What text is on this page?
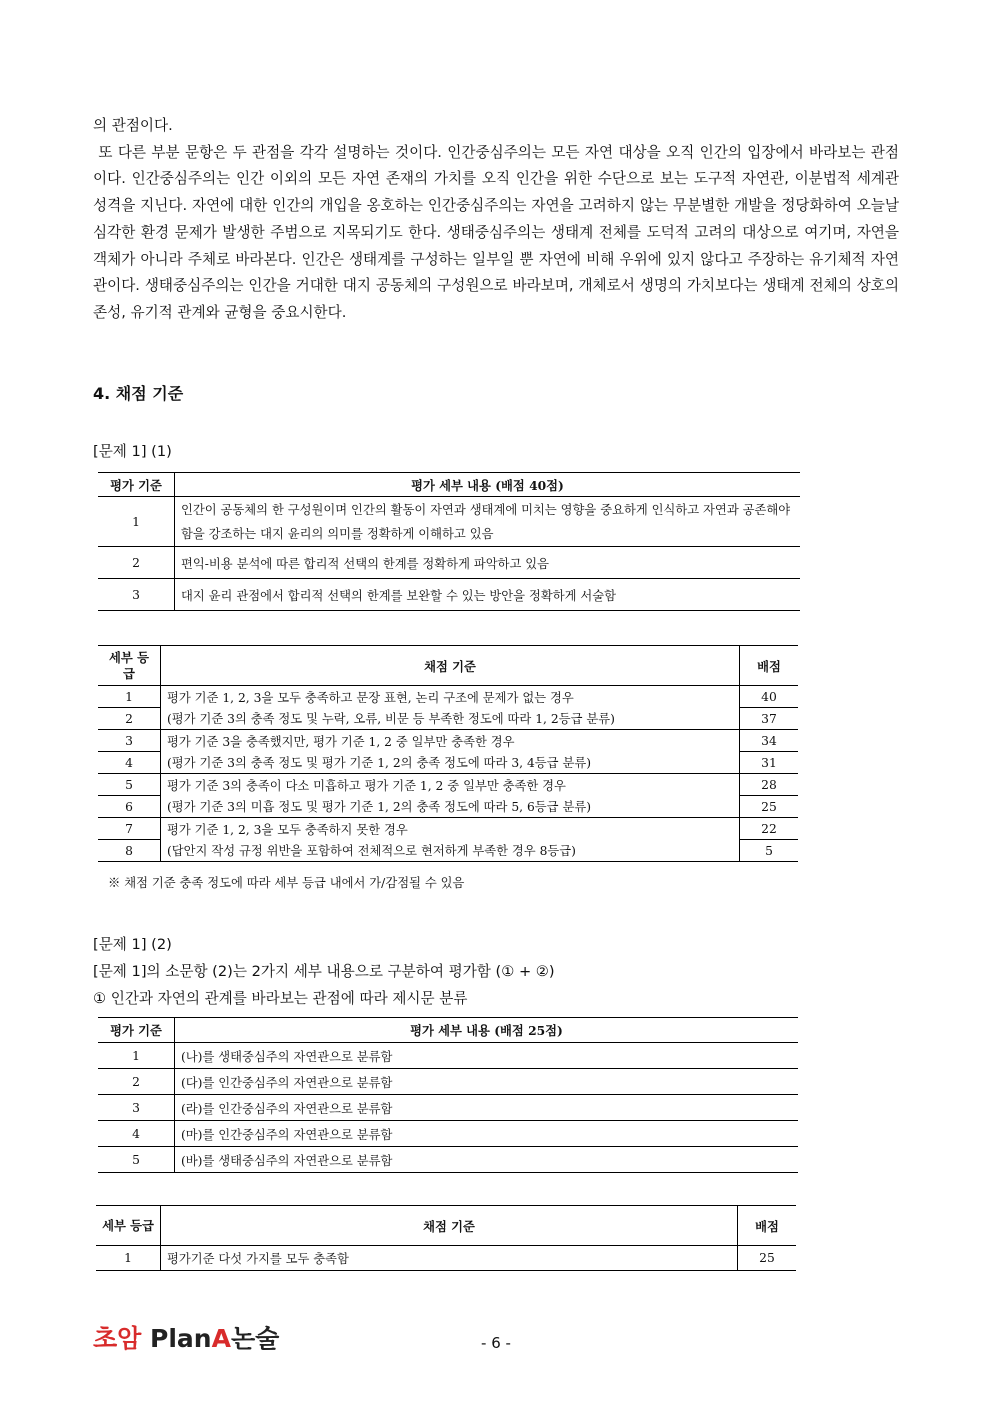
의 관점이다.

또 다른 부분 문항은 두 관점을 각각 설명하는 것이다. 인간중심주의는 모든 자연 대상을 오직 인간의 입장에서 바라보는 관점이다. 인간중심주의는 인간 이외의 모든 자연 존재의 가치를 오직 인간을 위한 수단으로 보는 도구적 자연관, 이분법적 세계관 성격을 지닌다. 자연에 대한 인간의 개입을 옹호하는 인간중심주의는 자연을 고려하지 않는 무분별한 개발을 정당화하여 오늘날 심각한 환경 문제가 발생한 주범으로 지목되기도 한다. 생태중심주의는 생태계 전체를 도덕적 고려의 대상으로 여기며, 자연을 객체가 아니라 주체로 바라본다. 인간은 생태계를 구성하는 일부일 뿐 자연에 비해 우위에 있지 않다고 주장하는 유기체적 자연관이다. 생태중심주의는 인간을 거대한 대지 공동체의 구성원으로 바라보며, 개체로서 생명의 가치보다는 생태계 전체의 상호의존성, 유기적 관계와 균형을 중요시한다.

4. 채점 기준
[문제 1] (1)
평가 기준	평가 세부 내용 (배점 40점)
1	인간이 공동체의 한 구성원이며 인간의 활동이 자연과 생태계에 미치는 영향을 중요하게 인식하고 자연과 공존해야 함을 강조하는 대지 윤리의 의미를 정확하게 이해하고 있음
2	편익-비용 분석에 따른 합리적 선택의 한계를 정확하게 파악하고 있음
3	대지 윤리 관점에서 합리적 선택의 한계를 보완할 수 있는 방안을 정확하게 서술함
세부 등급	채점 기준	배점
1	평가 기준 1, 2, 3을 모두 충족하고 문장 표현, 논리 구조에 문제가 없는 경우	40
2	(평가 기준 3의 충족 정도 및 누락, 오류, 비문 등 부족한 정도에 따라 1, 2등급 분류)	37
3	평가 기준 3을 충족했지만, 평가 기준 1, 2 중 일부만 충족한 경우	34
4	(평가 기준 3의 충족 정도 및 평가 기준 1, 2의 충족 정도에 따라 3, 4등급 분류)	31
5	평가 기준 3의 충족이 다소 미흡하고 평가 기준 1, 2 중 일부만 충족한 경우	28
6	(평가 기준 3의 미흡 정도 및 평가 기준 1, 2의 충족 정도에 따라 5, 6등급 분류)	25
7	평가 기준 1, 2, 3을 모두 충족하지 못한 경우	22
8	(답안지 작성 규정 위반을 포함하여 전체적으로 현저하게 부족한 경우 8등급)	5
※ 채점 기준 충족 정도에 따라 세부 등급 내에서 가/감점될 수 있음
[문제 1] (2)
[문제 1]의 소문항 (2)는 2가지 세부 내용으로 구분하여 평가함 (① + ②)
① 인간과 자연의 관계를 바라보는 관점에 따라 제시문 분류
평가 기준	평가 세부 내용 (배점 25점)
1	(나)를 생태중심주의 자연관으로 분류함
2	(다)를 인간중심주의 자연관으로 분류함
3	(라)를 인간중심주의 자연관으로 분류함
4	(마)를 인간중심주의 자연관으로 분류함
5	(바)를 생태중심주의 자연관으로 분류함
세부 등급	채점 기준	배점
1	평가기준 다섯 가지를 모두 충족함	25
초암 PlanA논술	- 6 -
